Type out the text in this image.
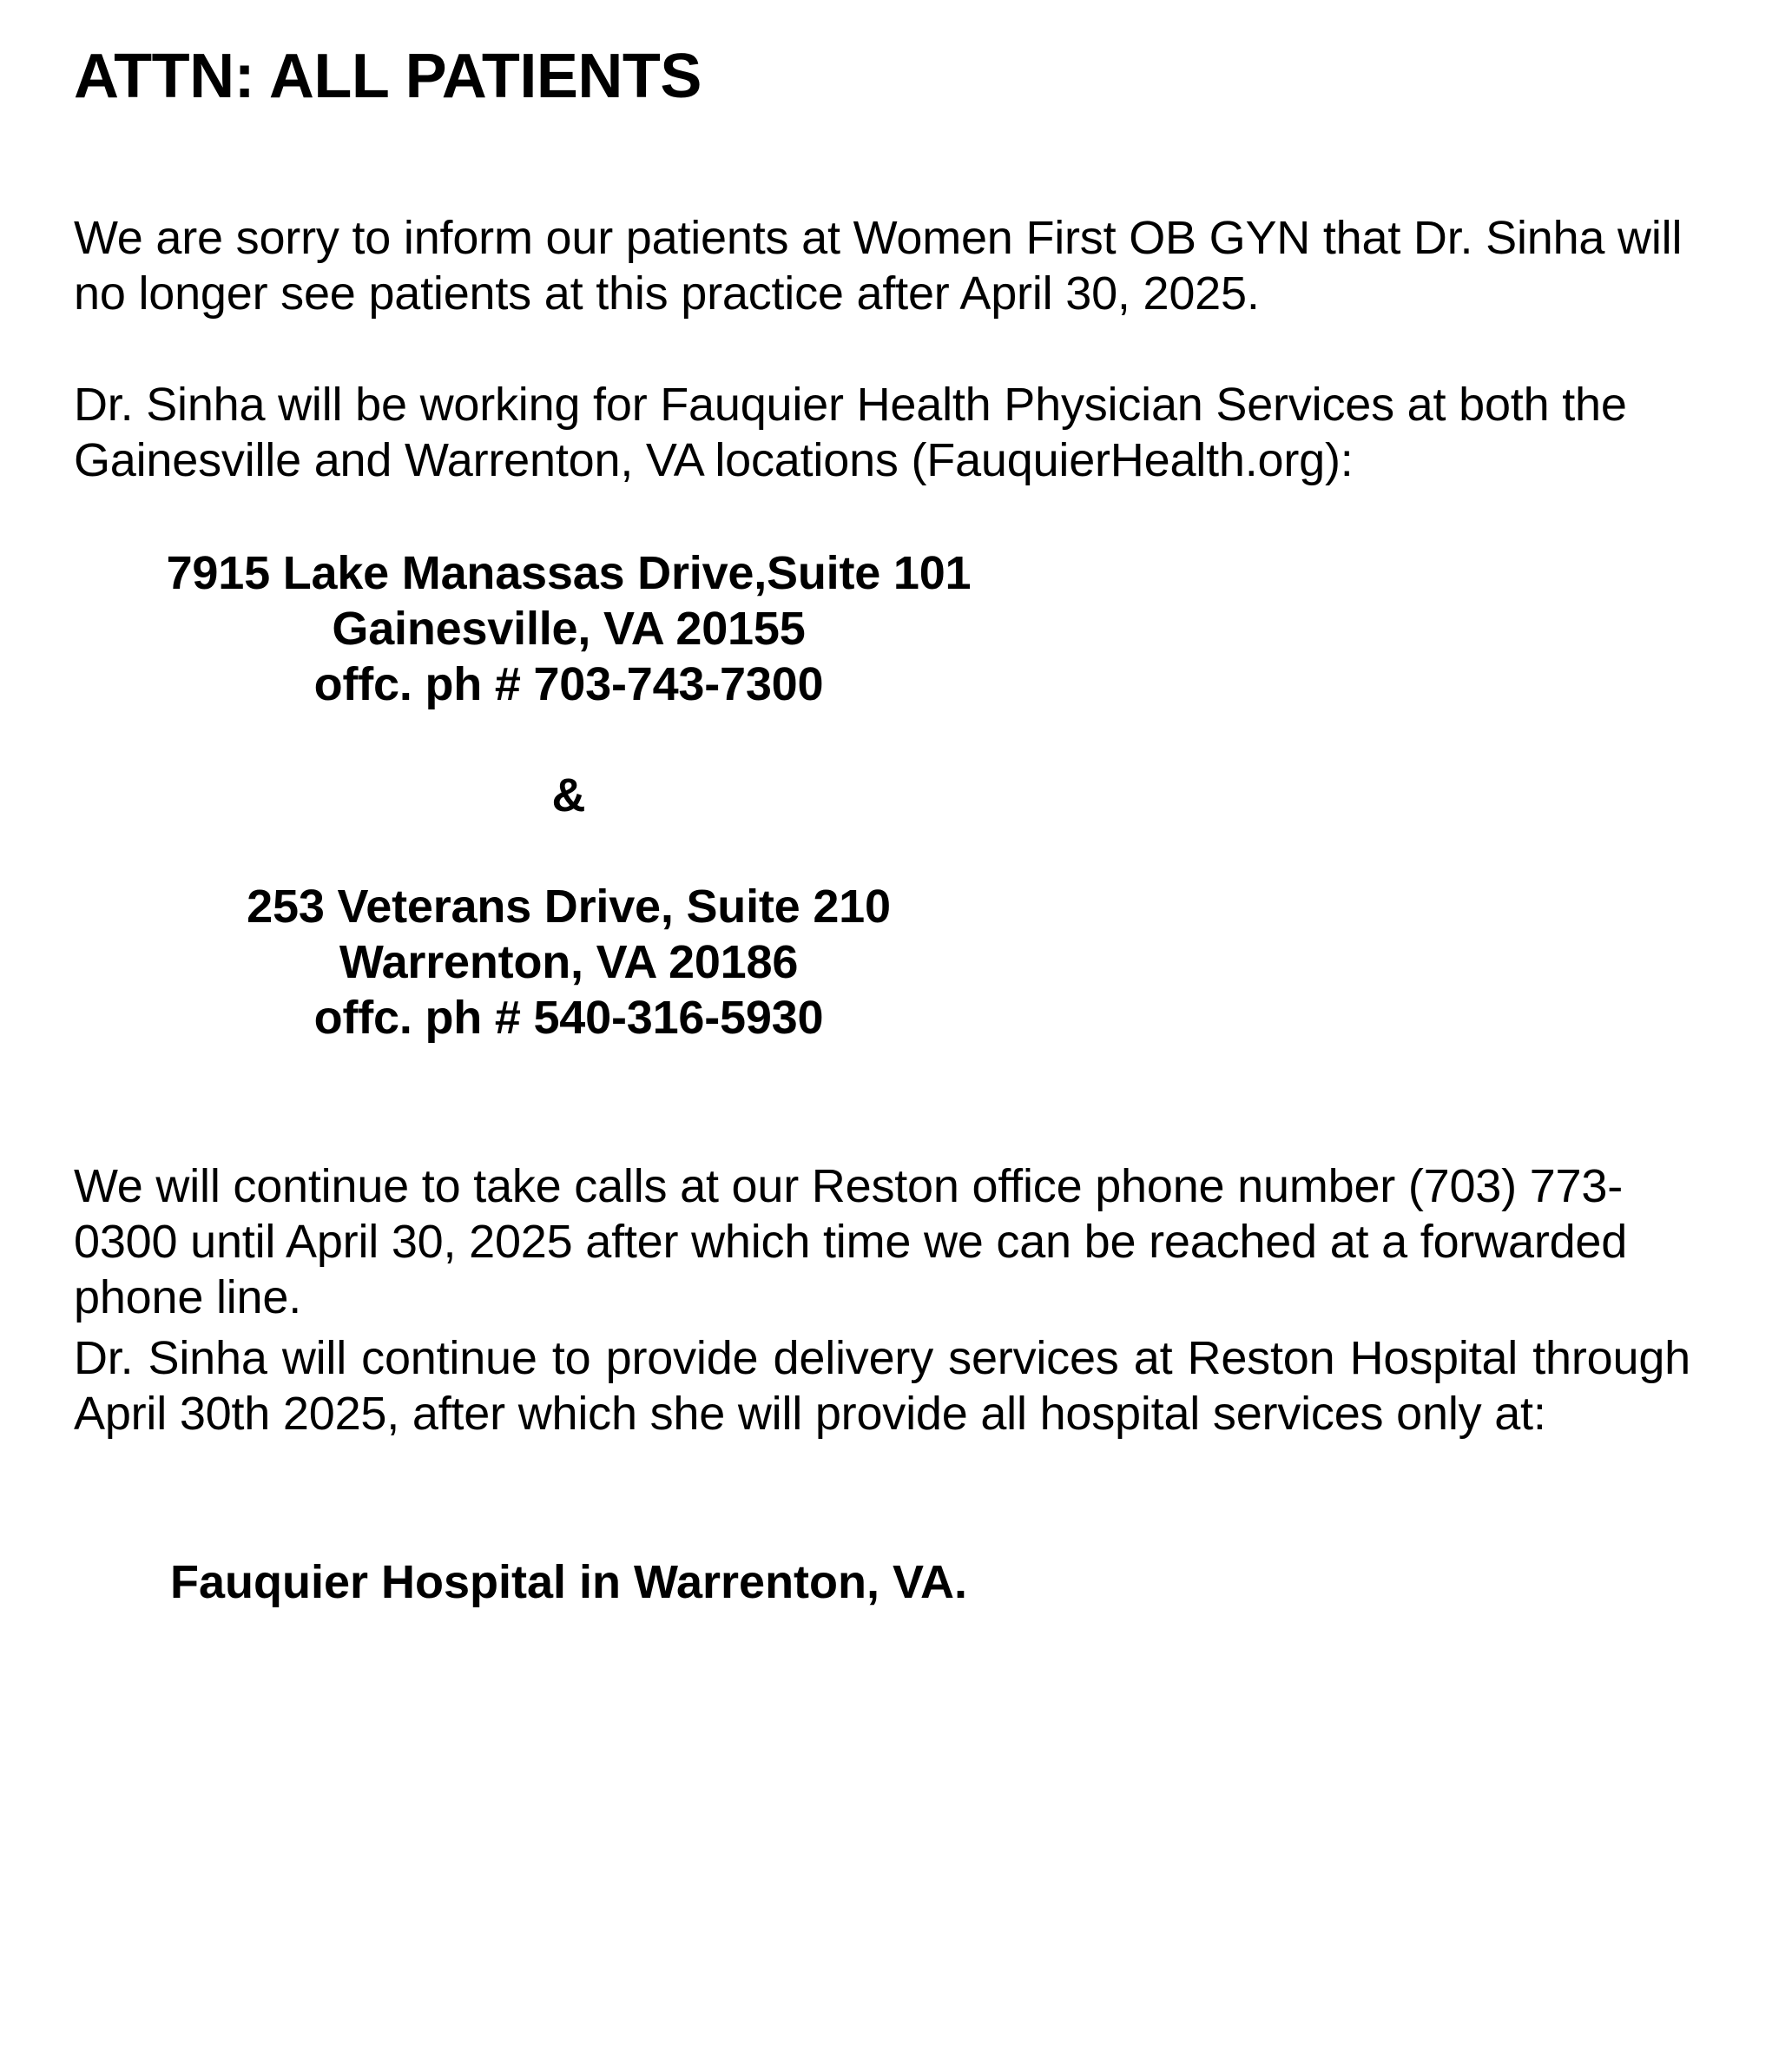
ATTN: ALL PATIENTS

We are sorry to inform our patients at Women First OB GYN that Dr. Sinha will no longer see patients at this practice after April 30, 2025.

Dr. Sinha will be working for Fauquier Health Physician Services at both the Gainesville and Warrenton, VA locations (FauquierHealth.org):

7915 Lake Manassas Drive,Suite 101
Gainesville, VA 20155
offc. ph # 703-743-7300
&
253 Veterans Drive, Suite 210
Warrenton, VA 20186
offc. ph # 540-316-5930

We will continue to take calls at our Reston office phone number (703) 773-0300 until April 30, 2025 after which time we can be reached at a forwarded phone line.

Dr. Sinha will continue to provide delivery services at Reston Hospital through April 30th 2025, after which she will provide all hospital services only at:

Fauquier Hospital in Warrenton, VA.
